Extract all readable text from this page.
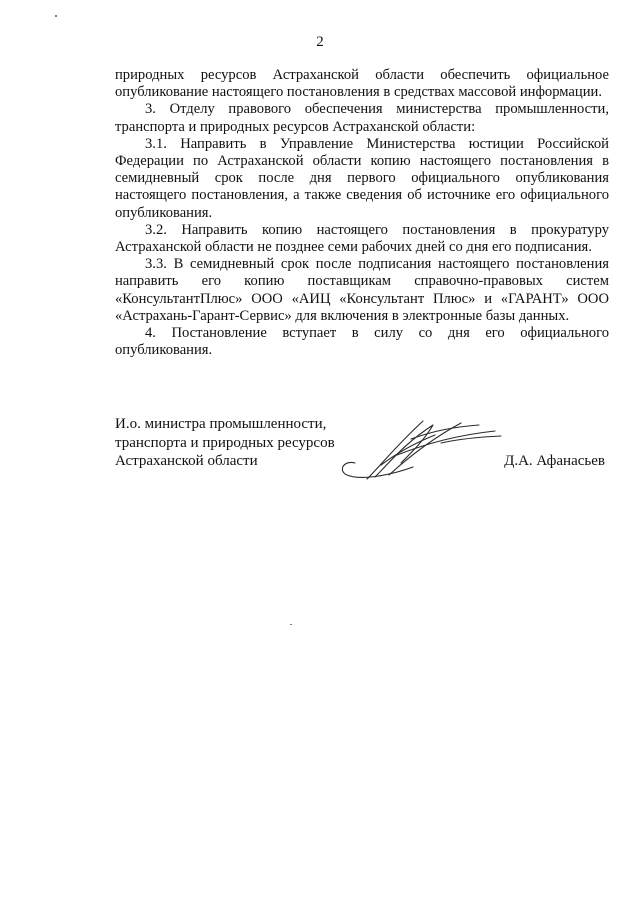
2

природных ресурсов Астраханской области обеспечить официальное опубликование настоящего постановления в средствах массовой информации.

3. Отделу правового обеспечения министерства промышленности, транспорта и природных ресурсов Астраханской области:

3.1. Направить в Управление Министерства юстиции Российской Федерации по Астраханской области копию настоящего постановления в семидневный срок после дня первого официального опубликования настоящего постановления, а также сведения об источнике его официального опубликования.

3.2. Направить копию настоящего постановления в прокуратуру Астраханской области не позднее семи рабочих дней со дня его подписания.

3.3. В семидневный срок после подписания настоящего постановления направить его копию поставщикам справочно-правовых систем «КонсультантПлюс» ООО «АИЦ «Консультант Плюс» и «ГАРАНТ» ООО «Астрахань-Гарант-Сервис» для включения в электронные базы данных.

4. Постановление вступает в силу со дня его официального опубликования.

И.о. министра промышленности,
транспорта и природных ресурсов
Астраханской области	Д.А. Афанасьев
